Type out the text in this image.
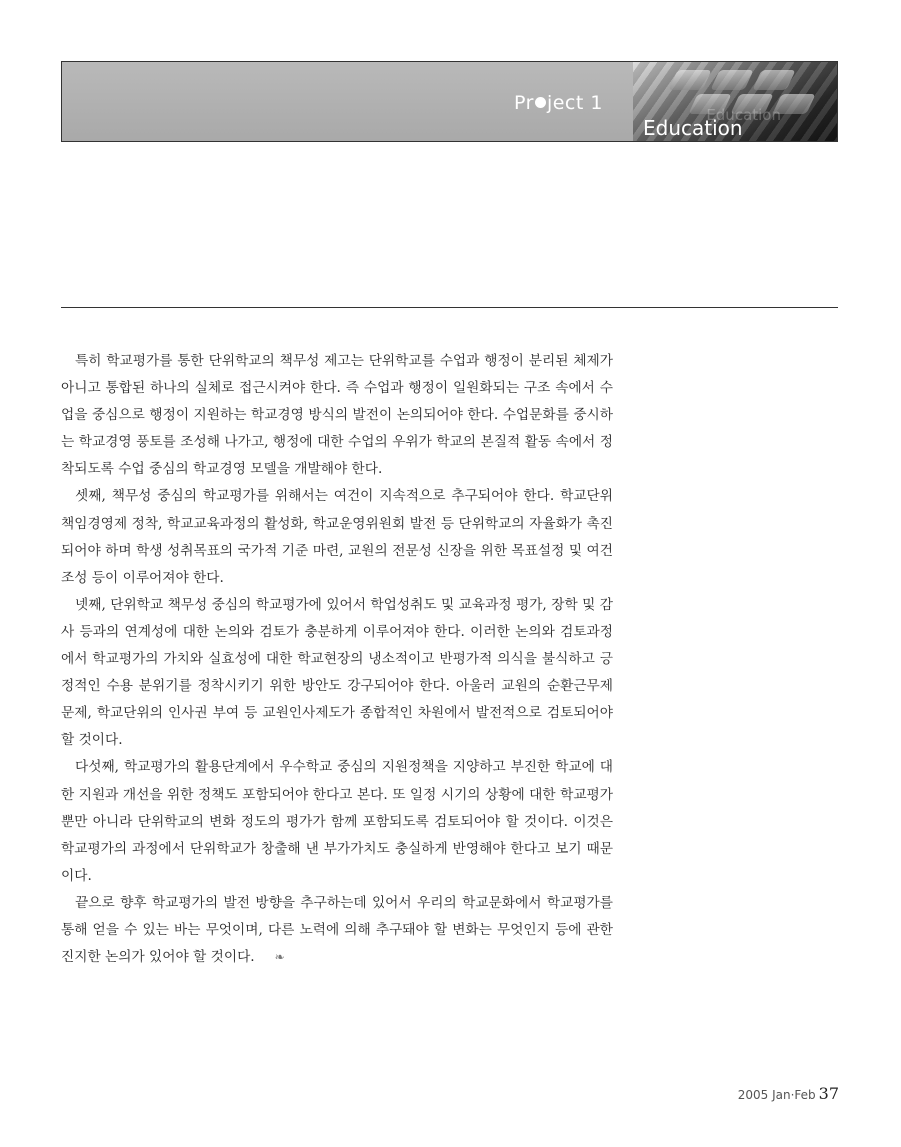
Pr ject 1
Education
Education

특히 학교평가를 통한 단위학교의 책무성 제고는 단위학교를 수업과 행정이 분리된 체제가 아니고 통합된 하나의 실체로 접근시켜야 한다. 즉 수업과 행정이 일원화되는 구조 속에서 수업을 중심으로 행정이 지원하는 학교경영 방식의 발전이 논의되어야 한다. 수업문화를 중시하는 학교경영 풍토를 조성해 나가고, 행정에 대한 수업의 우위가 학교의 본질적 활동 속에서 정착되도록 수업 중심의 학교경영 모델을 개발해야 한다.

셋째, 책무성 중심의 학교평가를 위해서는 여건이 지속적으로 추구되어야 한다. 학교단위 책임경영제 정착, 학교교육과정의 활성화, 학교운영위원회 발전 등 단위학교의 자율화가 촉진되어야 하며 학생 성취목표의 국가적 기준 마련, 교원의 전문성 신장을 위한 목표설정 및 여건조성 등이 이루어져야 한다.

넷째, 단위학교 책무성 중심의 학교평가에 있어서 학업성취도 및 교육과정 평가, 장학 및 감사 등과의 연계성에 대한 논의와 검토가 충분하게 이루어져야 한다. 이러한 논의와 검토과정에서 학교평가의 가치와 실효성에 대한 학교현장의 냉소적이고 반평가적 의식을 불식하고 긍정적인 수용 분위기를 정착시키기 위한 방안도 강구되어야 한다. 아울러 교원의 순환근무제 문제, 학교단위의 인사권 부여 등 교원인사제도가 종합적인 차원에서 발전적으로 검토되어야 할 것이다.

다섯째, 학교평가의 활용단계에서 우수학교 중심의 지원정책을 지양하고 부진한 학교에 대한 지원과 개선을 위한 정책도 포함되어야 한다고 본다. 또 일정 시기의 상황에 대한 학교평가뿐만 아니라 단위학교의 변화 정도의 평가가 함께 포함되도록 검토되어야 할 것이다. 이것은 학교평가의 과정에서 단위학교가 창출해 낸 부가가치도 충실하게 반영해야 한다고 보기 때문이다.

끝으로 향후 학교평가의 발전 방향을 추구하는데 있어서 우리의 학교문화에서 학교평가를 통해 얻을 수 있는 바는 무엇이며, 다른 노력에 의해 추구돼야 할 변화는 무엇인지 등에 관한 진지한 논의가 있어야 할 것이다. ❧

2005 Jan·Feb 37
